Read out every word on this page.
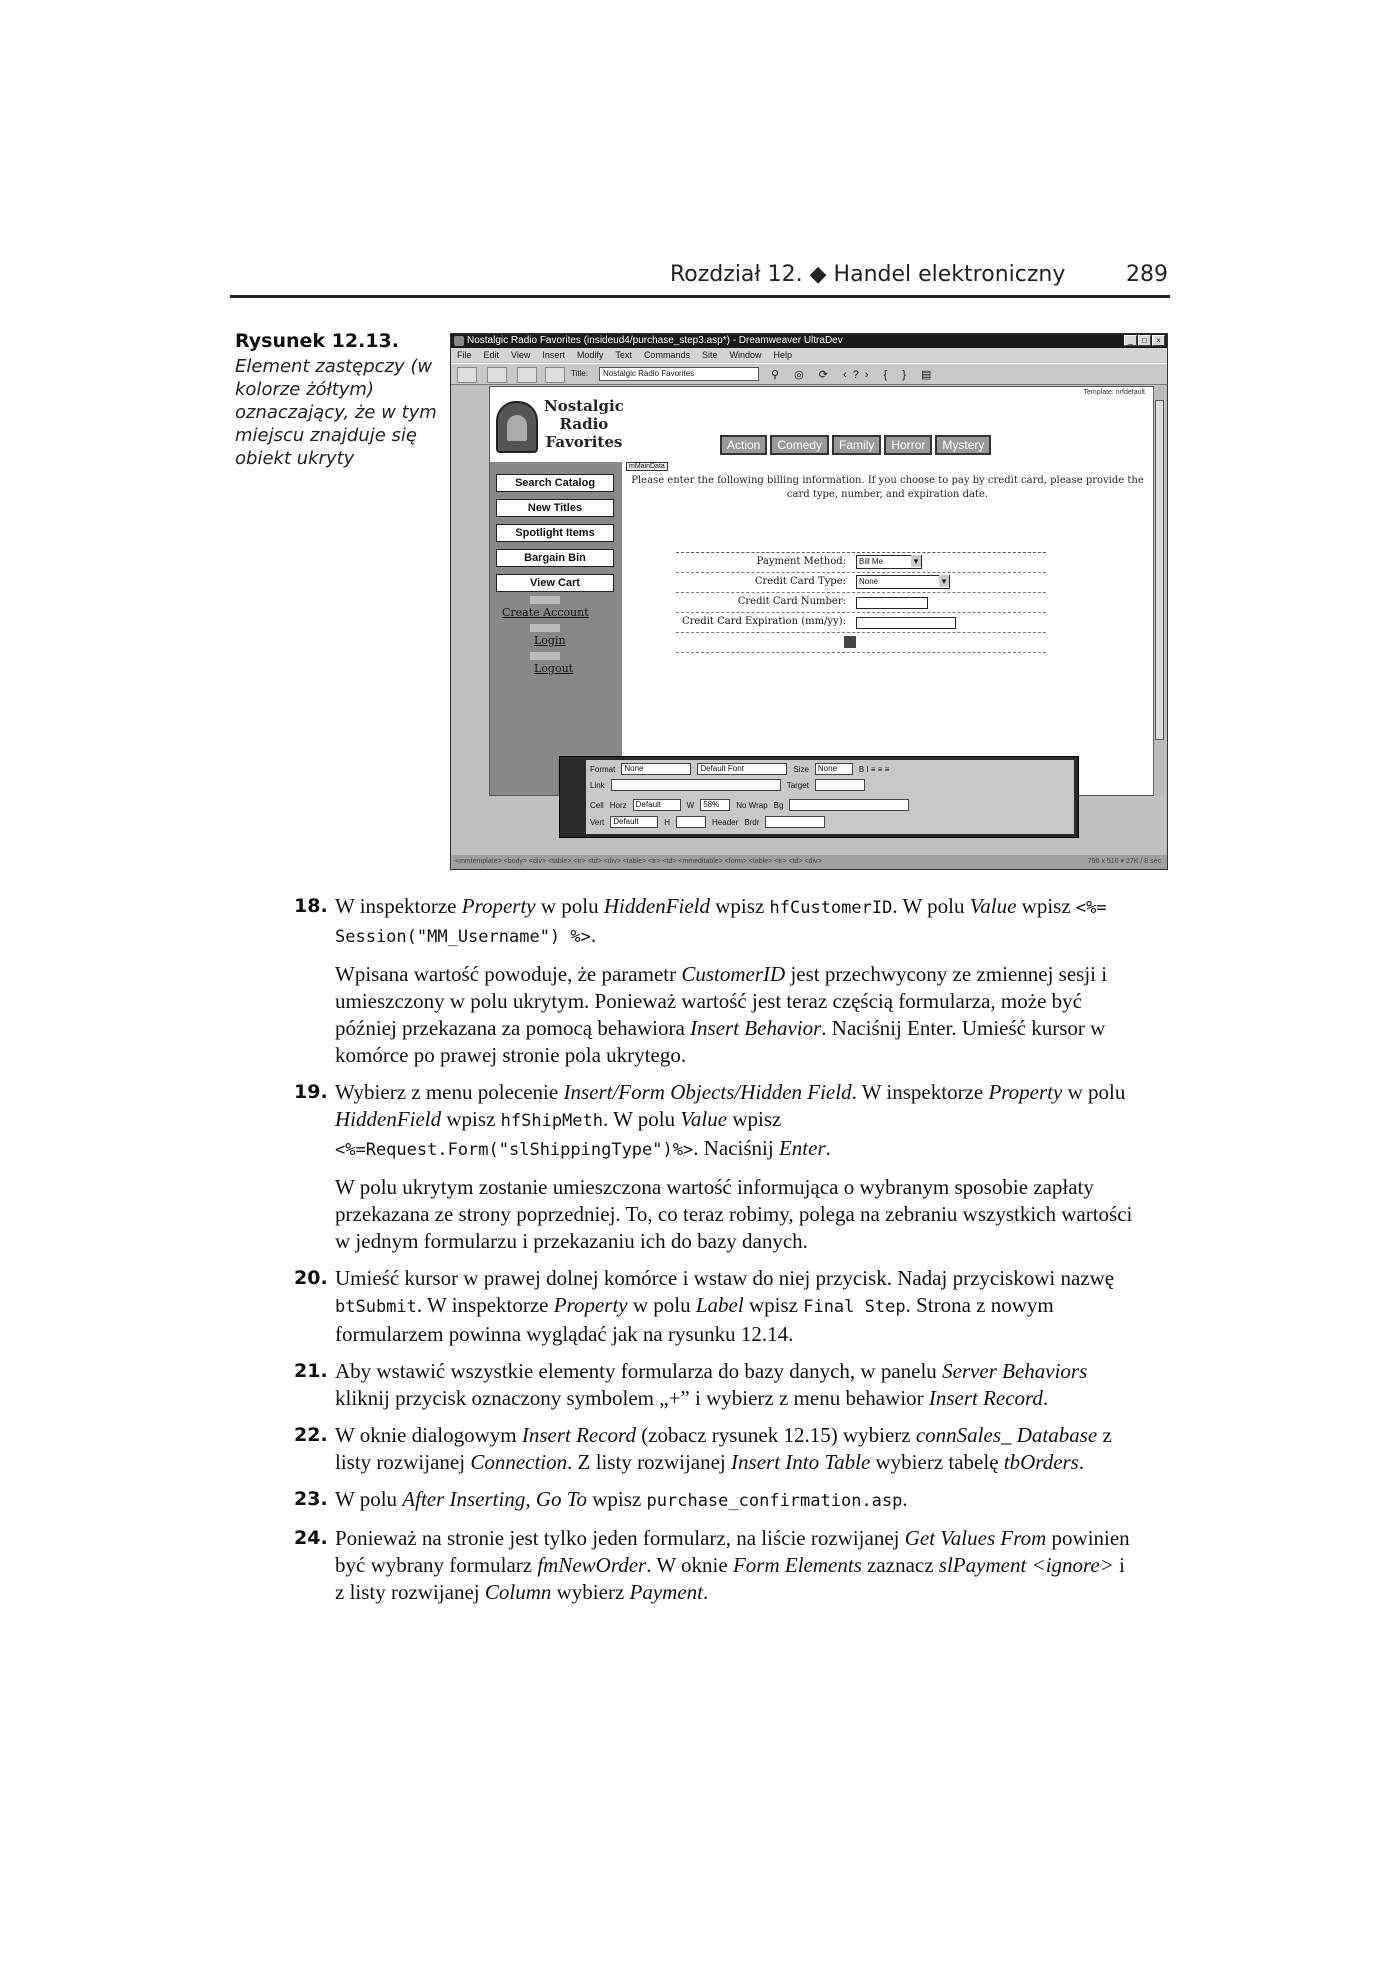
Rozdział 12. ◆ Handel elektroniczny	289
Rysunek 12.13.
Element zastępczy (w kolorze żółtym) oznaczający, że w tym miejscu znajduje się obiekt ukryty
Nostalgic Radio Favorites (insideud4/purchase_step3.asp*) - Dreamweaver UltraDev	_	□	×
File Edit View Insert Modify Text Commands Site Window Help
Title:	Nostalgic Radio Favorites	⚲ ◎ ⟳ ‹?› { } ▤
Template: nrfdefault
Nostalgic
Radio
Favorites	Action	Comedy	Family	Horror	Mystery
Search Catalog
New Titles
Spotlight Items
Bargain Bin
View Cart
Create Account
Login
Logout
mMainData
Please enter the following billing information. If you choose to pay by credit card, please provide the card type, number, and expiration date.
Payment Method:	Bill Me ▾
Credit Card Type:	None ▾
Credit Card Number:
Credit Card Expiration (mm/yy):
Format	None	Default Font	Size	None	B I ≡ ≡ ≡
Link	Target
Cell Horz	Default	W	58%	No Wrap Bg
Vert	Default	H	Header Brdr
<mmtemplate> <body> <div> <table> <tr> <td> <div> <table> <tr> <td> <mmeditable> <form> <table> <tr> <td> <div>	796 x 510 ▾ 27K / 8 sec
18. W inspektorze Property w polu HiddenField wpisz hfCustomerID. W polu Value wpisz <%= Session("MM_Username") %>.
Wpisana wartość powoduje, że parametr CustomerID jest przechwycony ze zmiennej sesji i umieszczony w polu ukrytym. Ponieważ wartość jest teraz częścią formularza, może być później przekazana za pomocą behawiora Insert Behavior. Naciśnij Enter. Umieść kursor w komórce po prawej stronie pola ukrytego.
19. Wybierz z menu polecenie Insert/Form Objects/Hidden Field. W inspektorze Property w polu HiddenField wpisz hfShipMeth. W polu Value wpisz <%=Request.Form("slShippingType")%>. Naciśnij Enter.
W polu ukrytym zostanie umieszczona wartość informująca o wybranym sposobie zapłaty przekazana ze strony poprzedniej. To, co teraz robimy, polega na zebraniu wszystkich wartości w jednym formularzu i przekazaniu ich do bazy danych.
20. Umieść kursor w prawej dolnej komórce i wstaw do niej przycisk. Nadaj przyciskowi nazwę btSubmit. W inspektorze Property w polu Label wpisz Final Step. Strona z nowym formularzem powinna wyglądać jak na rysunku 12.14.
21. Aby wstawić wszystkie elementy formularza do bazy danych, w panelu Server Behaviors kliknij przycisk oznaczony symbolem „+” i wybierz z menu behawior Insert Record.
22. W oknie dialogowym Insert Record (zobacz rysunek 12.15) wybierz connSales_ Database z listy rozwijanej Connection. Z listy rozwijanej Insert Into Table wybierz tabelę tbOrders.
23. W polu After Inserting, Go To wpisz purchase_confirmation.asp.
24. Ponieważ na stronie jest tylko jeden formularz, na liście rozwijanej Get Values From powinien być wybrany formularz fmNewOrder. W oknie Form Elements zaznacz slPayment <ignore> i z listy rozwijanej Column wybierz Payment.
